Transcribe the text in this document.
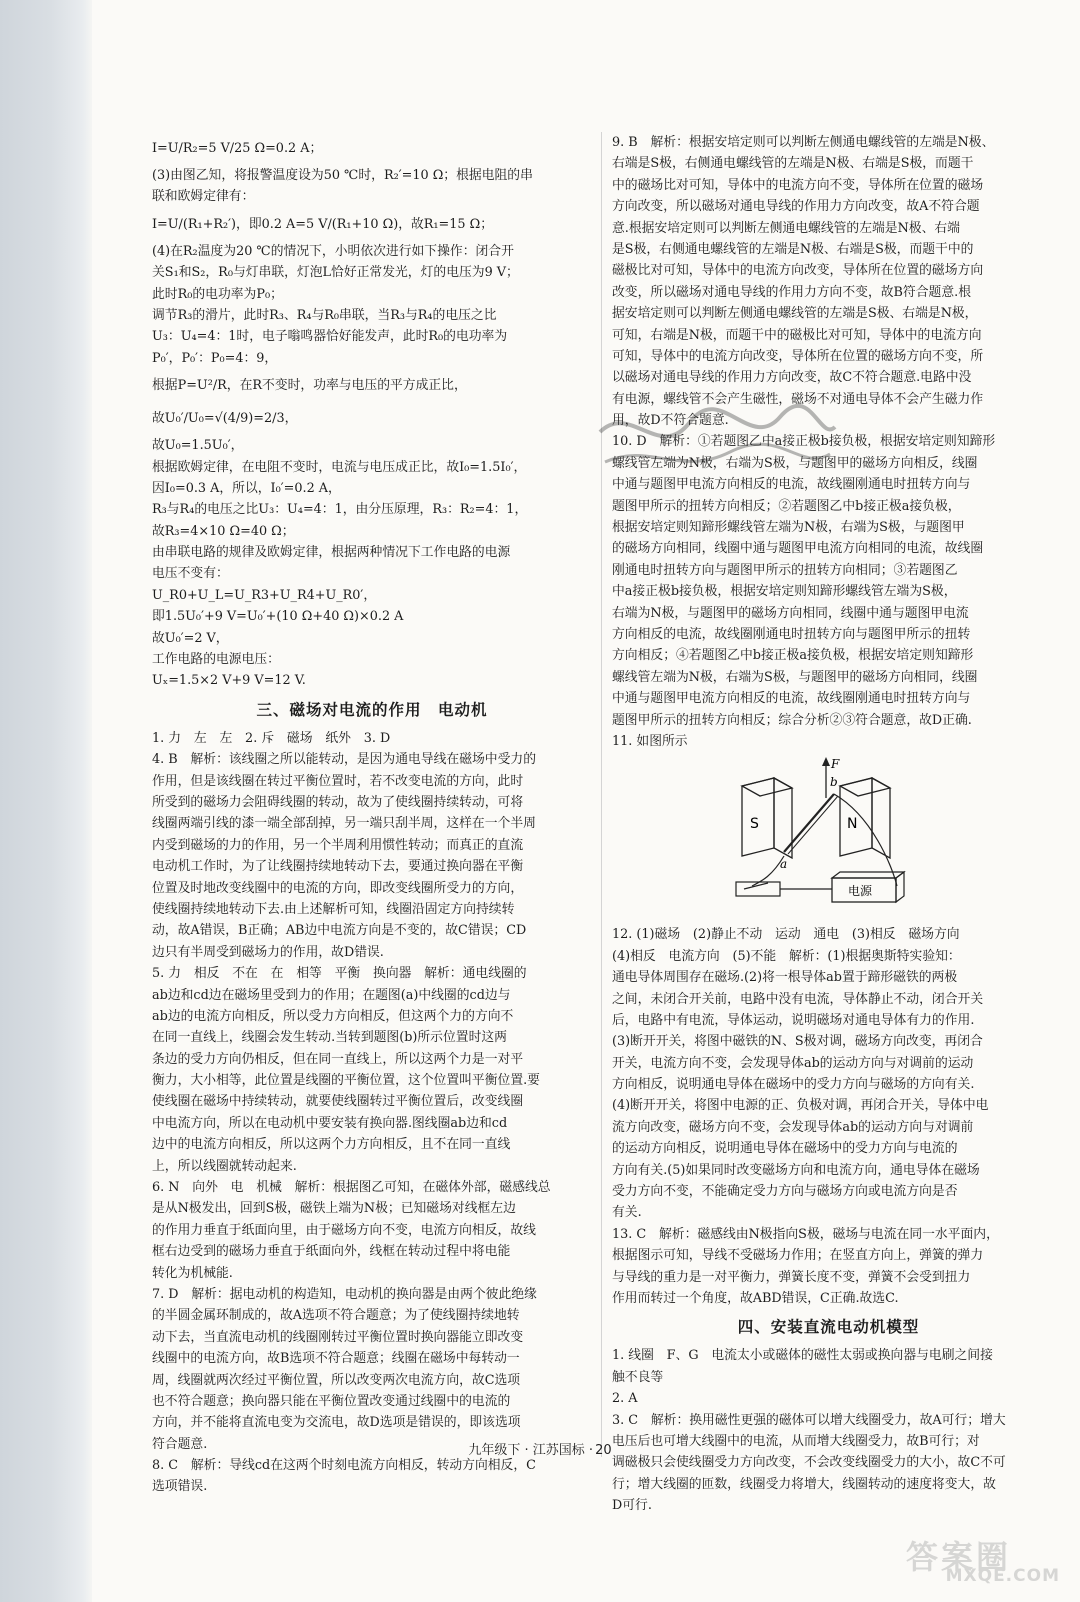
I=U/R₂=5 V/25 Ω=0.2 A；
(3)由图乙知，将报警温度设为50 ℃时，R₂′=10 Ω；根据电阻的串
联和欧姆定律有：
I=U/(R₁+R₂′)，即0.2 A=5 V/(R₁+10 Ω)，故R₁=15 Ω；
(4)在R₂温度为20 ℃的情况下，小明依次进行如下操作：闭合开
关S₁和S₂，R₀与灯串联，灯泡L恰好正常发光，灯的电压为9 V；
此时R₀的电功率为P₀；
调节R₃的滑片，此时R₃、R₄与R₀串联，当R₃与R₄的电压之比
U₃：U₄=4：1时，电子嗡鸣器恰好能发声，此时R₀的电功率为
P₀′，P₀′：P₀=4：9，
根据P=U²/R，在R不变时，功率与电压的平方成正比，
故U₀′/U₀=√(4/9)=2/3，
故U₀=1.5U₀′，
根据欧姆定律，在电阻不变时，电流与电压成正比，故I₀=1.5I₀′，
因I₀=0.3 A，所以，I₀′=0.2 A，
R₃与R₄的电压之比U₃：U₄=4：1，由分压原理，R₃：R₂=4：1，
故R₃=4×10 Ω=40 Ω；
由串联电路的规律及欧姆定律，根据两种情况下工作电路的电源
电压不变有：
U_R0+U_L=U_R3+U_R4+U_R0′，
即1.5U₀′+9 V=U₀′+(10 Ω+40 Ω)×0.2 A
故U₀′=2 V，
工作电路的电源电压：
Uₓ=1.5×2 V+9 V=12 V.
三、磁场对电流的作用　电动机
1. 力　左　左　2. 斥　磁场　纸外　3. D
4. B　解析：该线圈之所以能转动，是因为通电导线在磁场中受力的
作用，但是该线圈在转过平衡位置时，若不改变电流的方向，此时
所受到的磁场力会阻碍线圈的转动，故为了使线圈持续转动，可将
线圈两端引线的漆一端全部刮掉，另一端只刮半周，这样在一个半周
内受到磁场的力的作用，另一个半周利用惯性转动；而真正的直流
电动机工作时，为了让线圈持续地转动下去，要通过换向器在平衡
位置及时地改变线圈中的电流的方向，即改变线圈所受力的方向，
使线圈持续地转动下去.由上述解析可知，线圈沿固定方向持续转
动，故A错误，B正确；AB边中电流方向是不变的，故C错误；CD
边只有半周受到磁场力的作用，故D错误.
5. 力　相反　不在　在　相等　平衡　换向器　解析：通电线圈的
ab边和cd边在磁场里受到力的作用；在题图(a)中线圈的cd边与
ab边的电流方向相反，所以受力方向相反，但这两个力的方向不
在同一直线上，线圈会发生转动.当转到题图(b)所示位置时这两
条边的受力方向仍相反，但在同一直线上，所以这两个力是一对平
衡力，大小相等，此位置是线圈的平衡位置，这个位置叫平衡位置.要
使线圈在磁场中持续转动，就要使线圈转过平衡位置后，改变线圈
中电流方向，所以在电动机中要安装有换向器.图线圈ab边和cd
边中的电流方向相反，所以这两个力方向相反，且不在同一直线
上，所以线圈就转动起来.
6. N　向外　电　机械　解析：根据图乙可知，在磁体外部，磁感线总
是从N极发出，回到S极，磁铁上端为N极；已知磁场对线框左边
的作用力垂直于纸面向里，由于磁场方向不变，电流方向相反，故线
框右边受到的磁场力垂直于纸面向外，线框在转动过程中将电能
转化为机械能.
7. D　解析：据电动机的构造知，电动机的换向器是由两个彼此绝缘
的半圆金属环制成的，故A选项不符合题意；为了使线圈持续地转
动下去，当直流电动机的线圈刚转过平衡位置时换向器能立即改变
线圈中的电流方向，故B选项不符合题意；线圈在磁场中每转动一
周，线圈就两次经过平衡位置，所以改变两次电流方向，故C选项
也不符合题意；换向器只能在平衡位置改变通过线圈中的电流的
方向，并不能将直流电变为交流电，故D选项是错误的，即该选项
符合题意.
8. C　解析：导线cd在这两个时刻电流方向相反，转动方向相反，C
选项错误.
9. B　解析：根据安培定则可以判断左侧通电螺线管的左端是N极、
右端是S极，右侧通电螺线管的左端是N极、右端是S极，而题干
中的磁场比对可知，导体中的电流方向不变，导体所在位置的磁场
方向改变，所以磁场对通电导线的作用力方向改变，故A不符合题
意.根据安培定则可以判断左侧通电螺线管的左端是N极、右端
是S极，右侧通电螺线管的左端是N极、右端是S极，而题干中的
磁极比对可知，导体中的电流方向改变，导体所在位置的磁场方向
改变，所以磁场对通电导线的作用力方向不变，故B符合题意.根
据安培定则可以判断左侧通电螺线管的左端是S极、右端是N极，
可知，右端是N极，而题干中的磁极比对可知，导体中的电流方向
可知，导体中的电流方向改变，导体所在位置的磁场方向不变，所
以磁场对通电导线的作用力方向改变，故C不符合题意.电路中没
有电源，螺线管不会产生磁性，磁场不对通电导体不会产生磁力作
用，故D不符合题意.
10. D　解析：①若题图乙中a接正极b接负极，根据安培定则知蹄形
螺线管左端为N极，右端为S极，与题图甲的磁场方向相反，线圈
中通与题图甲电流方向相反的电流，故线圈刚通电时扭转方向与
题图甲所示的扭转方向相反；②若题图乙中b接正极a接负极，
根据安培定则知蹄形螺线管左端为N极，右端为S极，与题图甲
的磁场方向相同，线圈中通与题图甲电流方向相同的电流，故线圈
刚通电时扭转方向与题图甲所示的扭转方向相同；③若题图乙
中a接正极b接负极，根据安培定则知蹄形螺线管左端为S极，
右端为N极，与题图甲的磁场方向相同，线圈中通与题图甲电流
方向相反的电流，故线圈刚通电时扭转方向与题图甲所示的扭转
方向相反；④若题图乙中b接正极a接负极，根据安培定则知蹄形
螺线管左端为N极，右端为S极，与题图甲的磁场方向相同，线圈
中通与题图甲电流方向相反的电流，故线圈刚通电时扭转方向与
题图甲所示的扭转方向相反；综合分析②③符合题意，故D正确.
11. 如图所示
S	N
a
b
F
电源
12. (1)磁场　(2)静止不动　运动　通电　(3)相反　磁场方向
(4)相反　电流方向　(5)不能　解析：(1)根据奥斯特实验知：
通电导体周围存在磁场.(2)将一根导体ab置于蹄形磁铁的两极
之间，未闭合开关前，电路中没有电流，导体静止不动，闭合开关
后，电路中有电流，导体运动，说明磁场对通电导体有力的作用.
(3)断开开关，将图中磁铁的N、S极对调，磁场方向改变，再闭合
开关，电流方向不变，会发现导体ab的运动方向与对调前的运动
方向相反，说明通电导体在磁场中的受力方向与磁场的方向有关.
(4)断开开关，将图中电源的正、负极对调，再闭合开关，导体中电
流方向改变，磁场方向不变，会发现导体ab的运动方向与对调前
的运动方向相反，说明通电导体在磁场中的受力方向与电流的
方向有关.(5)如果同时改变磁场方向和电流方向，通电导体在磁场
受力方向不变，不能确定受力方向与磁场方向或电流方向是否
有关.
13. C　解析：磁感线由N极指向S极，磁场与电流在同一水平面内，
根据图示可知，导线不受磁场力作用；在竖直方向上，弹簧的弹力
与导线的重力是一对平衡力，弹簧长度不变，弹簧不会受到扭力
作用而转过一个角度，故ABD错误，C正确.故选C.
四、安装直流电动机模型
1. 线圈　F、G　电流太小或磁体的磁性太弱或换向器与电刷之间接
触不良等
2. A
3. C　解析：换用磁性更强的磁体可以增大线圈受力，故A可行；增大
电压后也可增大线圈中的电流，从而增大线圈受力，故B可行；对
调磁极只会使线圈受力方向改变，不会改变线圈受力的大小，故C不可
行；增大线圈的匝数，线圈受力将增大，线圈转动的速度将变大，故
D可行.
九年级下 · 江苏国标 · 20
答案圈
MXQE.COM
